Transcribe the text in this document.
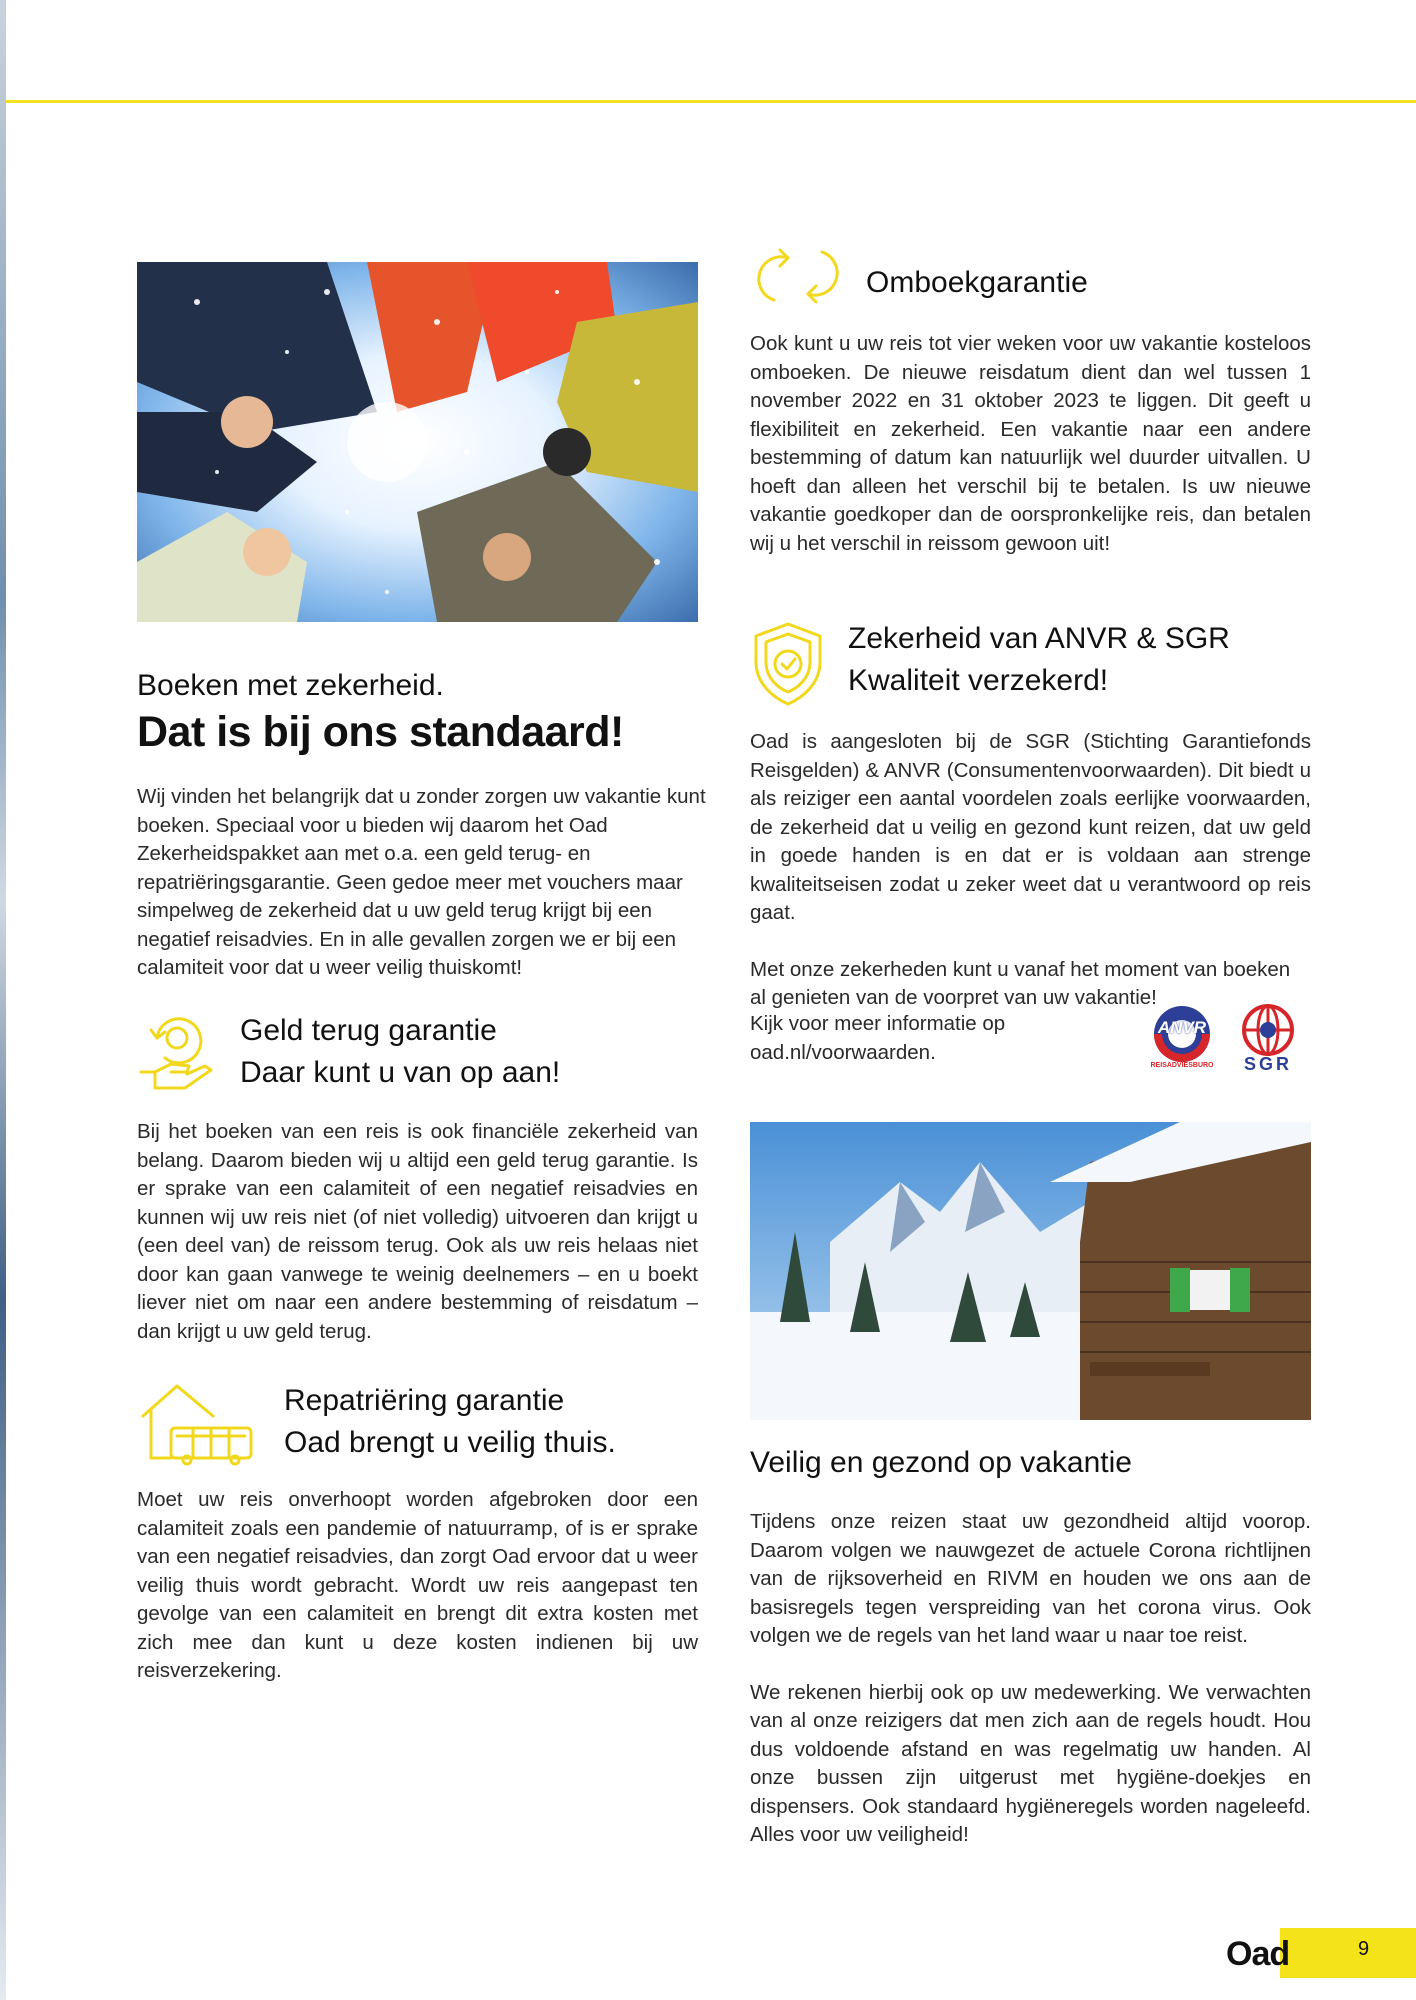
Boeken met zekerheid.
Dat is bij ons standaard!

Wij vinden het belangrijk dat u zonder zorgen uw vakantie kunt boeken. Speciaal voor u bieden wij daarom het Oad Zekerheidspakket aan met o.a. een geld terug- en repatriëringsgarantie. Geen gedoe meer met vouchers maar simpelweg de zekerheid dat u uw geld terug krijgt bij een negatief reisadvies. En in alle gevallen zorgen we er bij een calamiteit voor dat u weer veilig thuiskomt!

Geld terug garantie
Daar kunt u van op aan!

Bij het boeken van een reis is ook financiële zekerheid van belang. Daarom bieden wij u altijd een geld terug garantie. Is er sprake van een calamiteit of een negatief reisadvies en kunnen wij uw reis niet (of niet volledig) uitvoeren dan krijgt u (een deel van) de reissom terug. Ook als uw reis helaas niet door kan gaan vanwege te weinig deelnemers – en u boekt liever niet om naar een andere bestemming of reisdatum – dan krijgt u uw geld terug.

Repatriëring garantie
Oad brengt u veilig thuis.

Moet uw reis onverhoopt worden afgebroken door een calamiteit zoals een pandemie of natuurramp, of is er sprake van een negatief reisadvies, dan zorgt Oad ervoor dat u weer veilig thuis wordt gebracht. Wordt uw reis aangepast ten gevolge van een calamiteit en brengt dit extra kosten met zich mee dan kunt u deze kosten indienen bij uw reisverzekering.

Omboekgarantie

Ook kunt u uw reis tot vier weken voor uw vakantie kosteloos omboeken. De nieuwe reisdatum dient dan wel tussen 1 november 2022 en 31 oktober 2023 te liggen. Dit geeft u flexibiliteit en zekerheid. Een vakantie naar een andere bestemming of datum kan natuurlijk wel duurder uitvallen. U hoeft dan alleen het verschil bij te betalen. Is uw nieuwe vakantie goedkoper dan de oorspronkelijke reis, dan betalen wij u het verschil in reissom gewoon uit!

Zekerheid van ANVR & SGR
Kwaliteit verzekerd!

Oad is aangesloten bij de SGR (Stichting Garantiefonds Reisgelden) & ANVR (Consumentenvoorwaarden). Dit biedt u als reiziger een aantal voordelen zoals eerlijke voorwaarden, de zekerheid dat u veilig en gezond kunt reizen, dat uw geld in goede handen is en dat er is voldaan aan strenge kwaliteitseisen zodat u zeker weet dat u verantwoord op reis gaat.

Met onze zekerheden kunt u vanaf het moment van boeken al genieten van de voorpret van uw vakantie!

Kijk voor meer informatie op
oad.nl/voorwaarden.
ANVR
REISADVIESBURO	SGR
Veilig en gezond op vakantie

Tijdens onze reizen staat uw gezondheid altijd voorop. Daarom volgen we nauwgezet de actuele Corona richtlijnen van de rijksoverheid en RIVM en houden we ons aan de basisregels tegen verspreiding van het corona virus. Ook volgen we de regels van het land waar u naar toe reist.

We rekenen hierbij ook op uw medewerking. We verwachten van al onze reizigers dat men zich aan de regels houdt. Hou dus voldoende afstand en was regelmatig uw handen. Al onze bussen zijn uitgerust met hygiëne-doekjes en dispensers. Ook standaard hygiëneregels worden nageleefd. Alles voor uw veiligheid!

Oad	9
